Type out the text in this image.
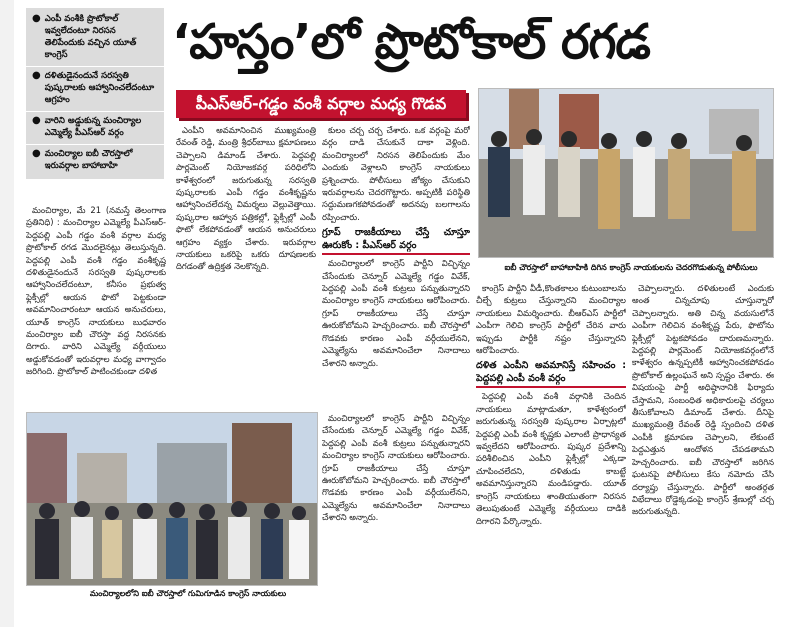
● ఎంపీ వంశీకి ప్రొటోకాల్ ఇవ్వలేదంటూ నిరసన తెలిపేందుకు వచ్చిన యూత్ కాంగ్రెస్
● దళితుడైనందునే సరస్వతి పుష్కరాలకు ఆహ్వానించలేదంటూ ఆగ్రహం
● వారిని అడ్డుకున్న మంచిర్యాల ఎమ్మెల్యే పీఎస్ఆర్ వర్గం
● మంచిర్యాల ఐబీ చౌరస్తాలో ఇరువర్గాల బాహాబాహి
‘హస్తం’లో ప్రొటోకాల్ రగడ
పీఎస్ఆర్-గడ్డం వంశీ వర్గాల మధ్య గొడవ

మంచిర్యాల, మే 21 (నమస్తే తెలంగాణ ప్రతినిధి) : మంచిర్యాల ఎమ్మెల్యే పీఎస్ఆర్-పెద్దపల్లి ఎంపీ గడ్డం వంశీ వర్గాల మధ్య ప్రొటోకాల్ రగడ మొదలైనట్లు తెలుస్తున్నది. పెద్దపల్లి ఎంపీ వంశీ గడ్డం వంశీకృష్ణ దళితుడైనందునే సరస్వతి పుష్కరాలకు ఆహ్వానించలేదంటూ, కనీసం ప్రభుత్వ ఫ్లెక్సీల్లో ఆయన ఫొటో పెట్టకుండా అవమానించారంటూ ఆయన అనుచరులు, యూత్ కాంగ్రెస్ నాయకులు బుధవారం మంచిర్యాల ఐబీ చౌరస్తా వద్ద నిరసనకు దిగారు. వారిని ఎమ్మెల్యే వర్గీయులు అడ్డుకోవడంతో ఇరువర్గాల మధ్య వాగ్వాదం జరిగింది. ప్రొటోకాల్ పాటించకుండా దళిత

ఎంపీని అవమానించిన ముఖ్యమంత్రి రేవంత్ రెడ్డి, మంత్రి శ్రీధర్‌బాబు క్షమాపణలు చెప్పాలని డిమాండ్ చేశారు. పెద్దపల్లి పార్లమెంట్ నియోజకవర్గ పరిధిలోని కాళేశ్వరంలో జరుగుతున్న సరస్వతి పుష్కరాలకు ఎంపీ గడ్డం వంశీకృష్ణను ఆహ్వానించలేదన్న విమర్శలు వెల్లువెత్తాయి. పుష్కరాల ఆహ్వాన పత్రికల్లో, ఫ్లెక్సీల్లో ఎంపీ ఫొటో లేకపోవడంతో ఆయన అనుచరులు ఆగ్రహం వ్యక్తం చేశారు. ఇరువర్గాల నాయకులు ఒకరిపై ఒకరు దూషణలకు దిగడంతో ఉద్రిక్తత నెలకొన్నది.

కులం చర్చ చర్చ చేశారు. ఒక వర్గంపై మరో వర్గం దాడి చేసుకునే దాకా వెళ్లింది. మంచిర్యాలలో నిరసన తెలిపేందుకు మేం ఎందుకు వెళ్లాలని కాంగ్రెస్ నాయకులు ప్రశ్నించారు. పోలీసులు జోక్యం చేసుకుని ఇరువర్గాలను చెదరగొట్టారు. అప్పటికీ పరిస్థితి సద్దుమణగకపోవడంతో అదనపు బలగాలను రప్పించారు.

గ్రూప్ రాజకీయాలు చేస్తే చూస్తూ ఊరుకోం : పీఎస్ఆర్ వర్గం

మంచిర్యాలలో కాంగ్రెస్ పార్టీని విచ్ఛిన్నం చేసేందుకు చెన్నూర్ ఎమ్మెల్యే గడ్డం వివేక్, పెద్దపల్లి ఎంపీ వంశీ కుట్రలు పన్నుతున్నారని మంచిర్యాల కాంగ్రెస్ నాయకులు ఆరోపించారు. గ్రూప్ రాజకీయాలు చేస్తే చూస్తూ ఊరుకోబోమని హెచ్చరించారు. ఐబీ చౌరస్తాలో గొడవకు కారణం ఎంపీ వర్గీయులేనని, ఎమ్మెల్యేను అవమానించేలా నినాదాలు చేశారని అన్నారు.

మంచిర్యాలలోని ఐబీ చౌరస్తాలో గుమిగూడిన కాంగ్రెస్ నాయకులు

మంచిర్యాలలో కాంగ్రెస్ పార్టీని విచ్ఛిన్నం చేసేందుకు చెన్నూర్ ఎమ్మెల్యే గడ్డం వివేక్, పెద్దపల్లి ఎంపీ వంశీ కుట్రలు పన్నుతున్నారని మంచిర్యాల కాంగ్రెస్ నాయకులు ఆరోపించారు. గ్రూప్ రాజకీయాలు చేస్తే చూస్తూ ఊరుకోబోమని హెచ్చరించారు. ఐబీ చౌరస్తాలో గొడవకు కారణం ఎంపీ వర్గీయులేనని, ఎమ్మెల్యేను అవమానించేలా నినాదాలు చేశారని అన్నారు.

ఐబీ చౌరస్తాలో బాహాబాహికి దిగిన కాంగ్రెస్ నాయకులను చెదరగొడుతున్న పోలీసులు

కాంగ్రెస్ పార్టీని వీడీ,కొంతకాలం కుటుంబాలను చీల్చే కుట్రలు చేస్తున్నారని మంచిర్యాల నాయకులు విమర్శించారు. బీఆర్ఎస్ పార్టీలో ఎంపీగా గెలిచి కాంగ్రెస్ పార్టీలో చేరిన వారు ఇప్పుడు పార్టీకి నష్టం చేస్తున్నారని ఆరోపించారు.

దళిత ఎంపీని అవమానిస్తే సహించం : పెద్దపల్లి ఎంపీ వంశీ వర్గం

పెద్దపల్లి ఎంపీ వంశీ వర్గానికి చెందిన నాయకులు మాట్లాడుతూ, కాళేశ్వరంలో జరుగుతున్న సరస్వతి పుష్కరాల ఏర్పాట్లలో పెద్దపల్లి ఎంపీ వంశీ కృష్ణకు ఎలాంటి ప్రాధాన్యత ఇవ్వలేదని ఆరోపించారు. పుష్కర ప్రదేశాన్ని పరిశీలించిన ఎంపీని ఫ్లెక్సీల్లో ఎక్కడా చూపించలేదని, దళితుడు కాబట్టే అవమానిస్తున్నారని మండిపడ్డారు. యూత్ కాంగ్రెస్ నాయకులు శాంతియుతంగా నిరసన తెలుపుతుంటే ఎమ్మెల్యే వర్గీయులు దాడికి దిగారని పేర్కొన్నారు.

చెప్పాలన్నారు. దళితులంటే ఎందుకు అంత చిన్నచూపు చూస్తున్నారో చెప్పాలన్నారు. అతి చిన్న వయసులోనే ఎంపీగా గెలిచిన వంశీకృష్ణ పేరు, ఫొటోను ఫ్లెక్సీల్లో పెట్టకపోవడం దారుణమన్నారు. పెద్దపల్లి పార్లమెంట్ నియోజకవర్గంలోనే కాళేశ్వరం ఉన్నప్పటికీ ఆహ్వానించకపోవడం ప్రొటోకాల్ ఉల్లంఘనే అని స్పష్టం చేశారు. ఈ విషయంపై పార్టీ అధిష్ఠానానికి ఫిర్యాదు చేస్తామని, సంబంధిత అధికారులపై చర్యలు తీసుకోవాలని డిమాండ్ చేశారు. దీనిపై ముఖ్యమంత్రి రేవంత్ రెడ్డి స్పందించి దళిత ఎంపీకి క్షమాపణ చెప్పాలని, లేకుంటే పెద్దఎత్తున ఆందోళన చేపడతామని హెచ్చరించారు. ఐబీ చౌరస్తాలో జరిగిన ఘటనపై పోలీసులు కేసు నమోదు చేసి దర్యాప్తు చేస్తున్నారు. పార్టీలో అంతర్గత విభేదాలు రోడ్డెక్కడంపై కాంగ్రెస్ శ్రేణుల్లో చర్చ జరుగుతున్నది.
